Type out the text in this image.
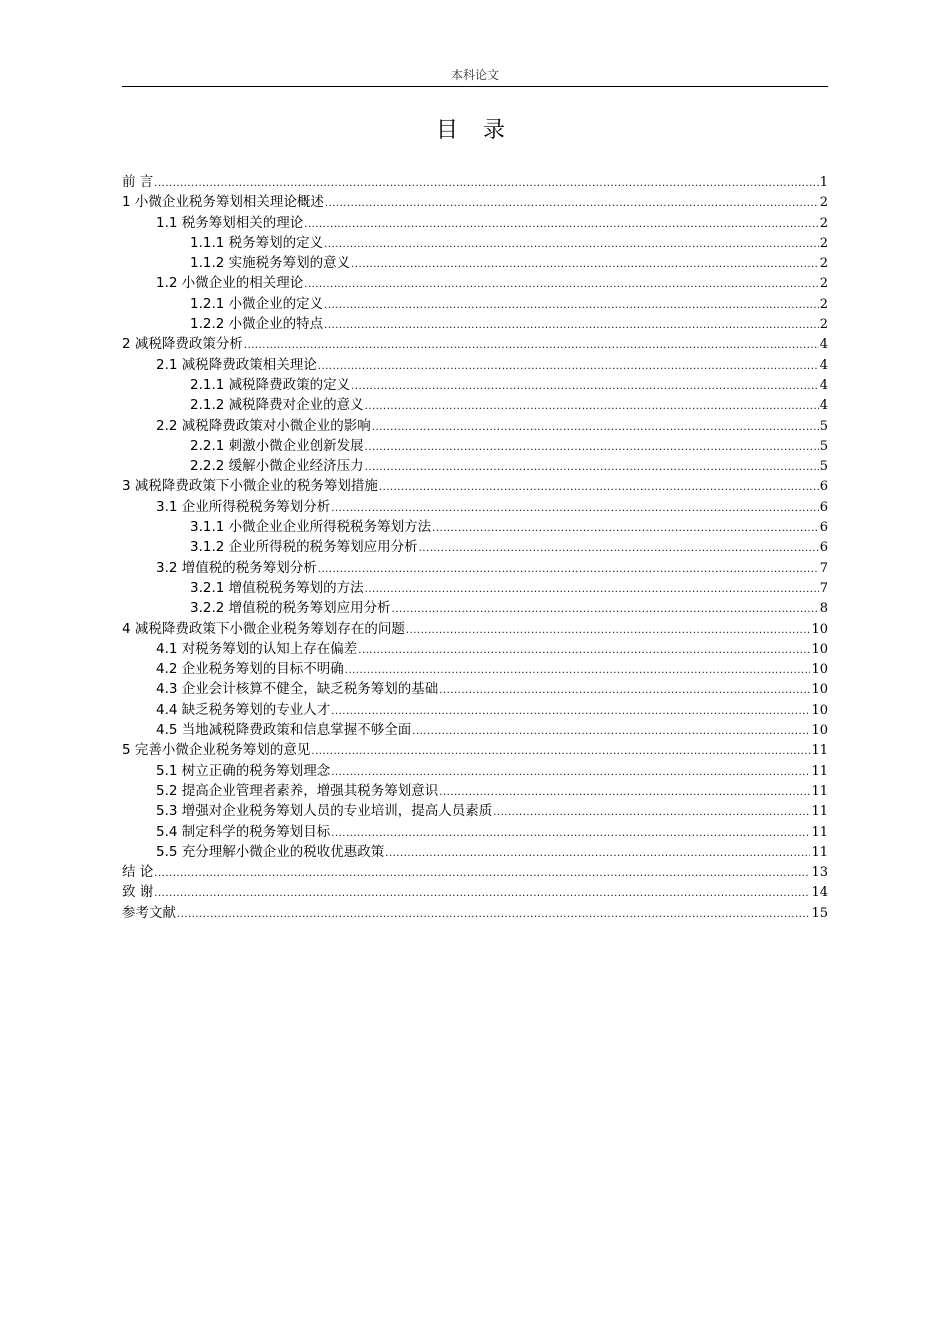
本科论文
目 录
前 言 .....	1
1 小微企业税务筹划相关理论概述 .....	2
1.1 税务筹划相关的理论 .....	2
1.1.1 税务筹划的定义 .....	2
1.1.2 实施税务筹划的意义 .....	2
1.2 小微企业的相关理论 .....	2
1.2.1 小微企业的定义 .....	2
1.2.2 小微企业的特点 .....	2
2 减税降费政策分析 .....	4
2.1 减税降费政策相关理论 .....	4
2.1.1 减税降费政策的定义 .....	4
2.1.2 减税降费对企业的意义 .....	4
2.2 减税降费政策对小微企业的影响 .....	5
2.2.1 刺激小微企业创新发展 .....	5
2.2.2 缓解小微企业经济压力 .....	5
3 减税降费政策下小微企业的税务筹划措施 .....	6
3.1 企业所得税税务筹划分析 .....	6
3.1.1 小微企业企业所得税税务筹划方法 .....	6
3.1.2 企业所得税的税务筹划应用分析 .....	6
3.2 增值税的税务筹划分析 .....	7
3.2.1 增值税税务筹划的方法 .....	7
3.2.2 增值税的税务筹划应用分析 .....	8
4 减税降费政策下小微企业税务筹划存在的问题 .....	10
4.1 对税务筹划的认知上存在偏差 .....	10
4.2 企业税务筹划的目标不明确 .....	10
4.3 企业会计核算不健全，缺乏税务筹划的基础 .....	10
4.4 缺乏税务筹划的专业人才 .....	10
4.5 当地减税降费政策和信息掌握不够全面 .....	10
5 完善小微企业税务筹划的意见 .....	11
5.1 树立正确的税务筹划理念 .....	11
5.2 提高企业管理者素养，增强其税务筹划意识 .....	11
5.3 增强对企业税务筹划人员的专业培训，提高人员素质 .....	11
5.4 制定科学的税务筹划目标 .....	11
5.5 充分理解小微企业的税收优惠政策 .....	11
结 论 .....	13
致 谢 .....	14
参考文献 .....	15
